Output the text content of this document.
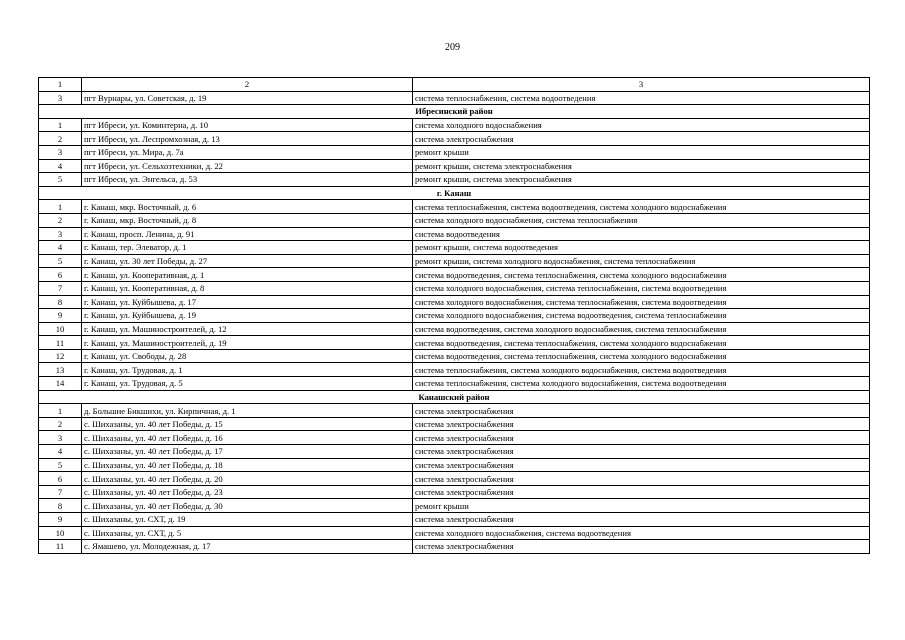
209
1	2	3
3	пгт Вурнары, ул. Советская, д. 19	система теплоснабжения, система водоотведения
Ибресинский район		
1	пгт Ибреси, ул. Коминтерна, д. 10	система холодного водоснабжения
2	пгт Ибреси, ул. Леспромхозная, д. 13	система электроснабжения
3	пгт Ибреси, ул. Мира, д. 7а	ремонт крыши
4	пгт Ибреси, ул. Сельхозтехники, д. 22	ремонт крыши, система электроснабжения
5	пгт Ибреси, ул. Энгельса, д. 53	ремонт крыши, система электроснабжения
г. Канаш		
1	г. Канаш, мкр. Восточный, д. 6	система теплоснабжения, система водоотведения, система холодного водоснабжения
2	г. Канаш, мкр. Восточный, д. 8	система холодного водоснабжения, система теплоснабжения
3	г. Канаш, просп. Ленина, д. 91	система водоотведения
4	г. Канаш, тер. Элеватор, д. 1	ремонт крыши, система водоотведения
5	г. Канаш, ул. 30 лет Победы, д. 27	ремонт крыши, система холодного водоснабжения, система теплоснабжения
6	г. Канаш, ул. Кооперативная, д. 1	система водоотведения, система теплоснабжения, система холодного водоснабжения
7	г. Канаш, ул. Кооперативная, д. 8	система холодного водоснабжения, система теплоснабжения, система водоотведения
8	г. Канаш, ул. Куйбышева, д. 17	система холодного водоснабжения, система теплоснабжения, система водоотведения
9	г. Канаш, ул. Куйбышева, д. 19	система холодного водоснабжения, система водоотведения, система теплоснабжения
10	г. Канаш, ул. Машиностроителей, д. 12	система водоотведения, система холодного водоснабжения, система теплоснабжения
11	г. Канаш, ул. Машиностроителей, д. 19	система водоотведения, система теплоснабжения, система холодного водоснабжения
12	г. Канаш, ул. Свободы, д. 28	система водоотведения, система теплоснабжения, система холодного водоснабжения
13	г. Канаш, ул. Трудовая, д. 1	система теплоснабжения, система холодного водоснабжения, система водоотведения
14	г. Канаш, ул. Трудовая, д. 5	система теплоснабжения, система холодного водоснабжения, система водоотведения
Канашский район		
1	д. Большие Бикшихи, ул. Кирпичная, д. 1	система электроснабжения
2	с. Шихазаны, ул. 40 лет Победы, д. 15	система электроснабжения
3	с. Шихазаны, ул. 40 лет Победы, д. 16	система электроснабжения
4	с. Шихазаны, ул. 40 лет Победы, д. 17	система электроснабжения
5	с. Шихазаны, ул. 40 лет Победы, д. 18	система электроснабжения
6	с. Шихазаны, ул. 40 лет Победы, д. 20	система электроснабжения
7	с. Шихазаны, ул. 40 лет Победы, д. 23	система электроснабжения
8	с. Шихазаны, ул. 40 лет Победы, д. 30	ремонт крыши
9	с. Шихазаны, ул. СХТ, д. 19	система электроснабжения
10	с. Шихазаны, ул. СХТ, д. 5	система холодного водоснабжения, система водоотведения
11	с. Ямашево, ул. Молодежная, д. 17	система электроснабжения
